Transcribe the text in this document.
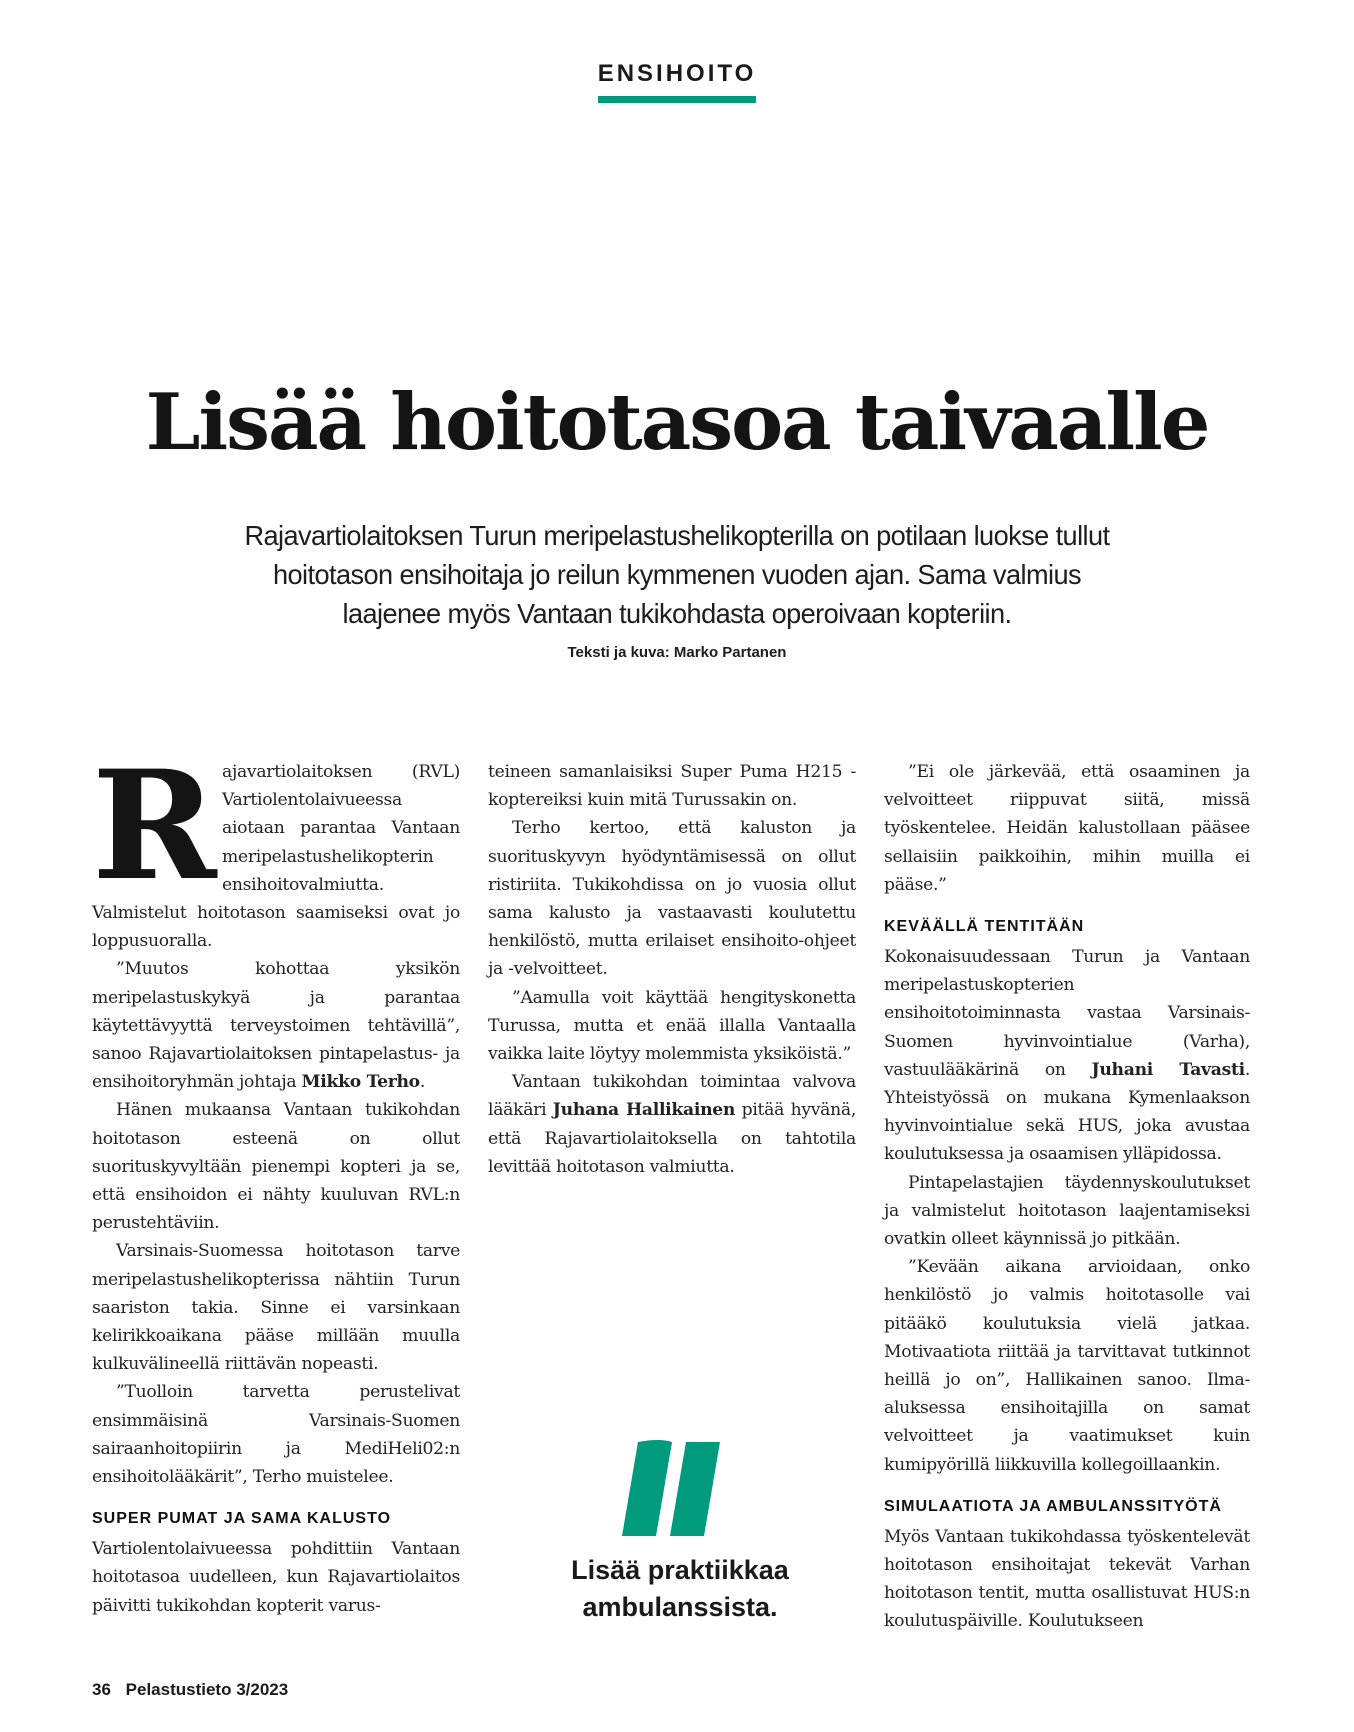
ENSIHOITO
Lisää hoitotasoa taivaalle
Rajavartiolaitoksen Turun meripelastushelikopterilla on potilaan luokse tullut hoitotason ensihoitaja jo reilun kymmenen vuoden ajan. Sama valmius laajenee myös Vantaan tukikohdasta operoivaan kopteriin.
Teksti ja kuva: Marko Partanen
R ajavartiolaitoksen (RVL) Vartiolentolaivueessa aiotaan parantaa Vantaan meripelastushelikopterin ensihoitovalmiutta. Valmistelut hoitotason saamiseksi ovat jo loppusuoralla.

”Muutos kohottaa yksikön meripelastuskykyä ja parantaa käytettävyyttä terveystoimen tehtävillä”, sanoo Rajavartiolaitoksen pintapelastus- ja ensihoitoryhmän johtaja Mikko Terho.

Hänen mukaansa Vantaan tukikohdan hoitotason esteenä on ollut suorituskyvyltään pienempi kopteri ja se, että ensihoidon ei nähty kuuluvan RVL:n perustehtäviin.

Varsinais-Suomessa hoitotason tarve meripelastushelikopterissa nähtiin Turun saariston takia. Sinne ei varsinkaan kelirikkoaikana pääse millään muulla kulkuvälineellä riittävän nopeasti.

”Tuolloin tarvetta perustelivat ensimmäisinä Varsinais-Suomen sairaanhoitopiirin ja MediHeli02:n ensihoitolääkärit”, Terho muistelee.

SUPER PUMAT JA SAMA KALUSTO

Vartiolentolaivueessa pohdittiin Vantaan hoitotasoa uudelleen, kun Rajavartiolaitos päivitti tukikohdan kopterit varus-

teineen samanlaisiksi Super Puma H215 -koptereiksi kuin mitä Turussakin on.

Terho kertoo, että kaluston ja suorituskyvyn hyödyntämisessä on ollut ristiriita. Tukikohdissa on jo vuosia ollut sama kalusto ja vastaavasti koulutettu henkilöstö, mutta erilaiset ensihoito-ohjeet ja -velvoitteet.

”Aamulla voit käyttää hengityskonetta Turussa, mutta et enää illalla Vantaalla vaikka laite löytyy molemmista yksiköistä.”

Vantaan tukikohdan toimintaa valvova lääkäri Juhana Hallikainen pitää hyvänä, että Rajavartiolaitoksella on tahtotila levittää hoitotason valmiutta.

”Ei ole järkevää, että osaaminen ja velvoitteet riippuvat siitä, missä työskentelee. Heidän kalustollaan pääsee sellaisiin paikkoihin, mihin muilla ei pääse.”

KEVÄÄLLÄ TENTITÄÄN

Kokonaisuudessaan Turun ja Vantaan meripelastuskopterien ensihoitotoiminnasta vastaa Varsinais-Suomen hyvinvointialue (Varha), vastuulääkärinä on Juhani Tavasti. Yhteistyössä on mukana Kymenlaakson hyvinvointialue sekä HUS, joka avustaa koulutuksessa ja osaamisen ylläpidossa.

Pintapelastajien täydennyskoulutukset ja valmistelut hoitotason laajentamiseksi ovatkin olleet käynnissä jo pitkään.

”Kevään aikana arvioidaan, onko henkilöstö jo valmis hoitotasolle vai pitääkö koulutuksia vielä jatkaa. Motivaatiota riittää ja tarvittavat tutkinnot heillä jo on”, Hallikainen sanoo. Ilma-aluksessa ensihoitajilla on samat velvoitteet ja vaatimukset kuin kumipyörillä liikkuvilla kollegoillaankin.

SIMULAATIOTA JA AMBULANSSITYÖTÄ

Myös Vantaan tukikohdassa työskentelevät hoitotason ensihoitajat tekevät Varhan hoitotason tentit, mutta osallistuvat HUS:n koulutuspäiville. Koulutukseen

Lisää praktiikkaa ambulanssista.
36 Pelastustieto 3/2023
